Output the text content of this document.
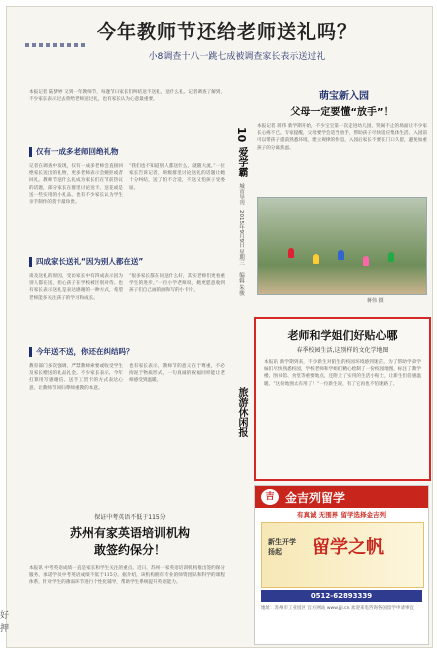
今年教师节还给老师送礼吗？
小8调查十八一跳七成被调查家长表示送过礼
本报记者 陆梦婷 又到一年教师节，每逢节日家长们纠结送不送礼，送什么礼。记者调查了解到，不少家长表示过去曾给老师送过礼，也有家长认为心意最重要。
仅有一成多老师回绝礼物
记者在调查中发现，仅有一成多老师会直接回绝家长送出的礼物，更多老师表示会婉拒或者回礼。教师节送什么礼成为家长们在节前热议的话题，部分家长在群里讨论送卡、送花或是送一些实用的小礼品，也有不少家长认为学生亲手制作的贺卡最珍贵。
“我们也不知道别人都送什么，就随大流。”一位家长告诉记者，班级群里讨论送礼的话题让她十分纠结，送了怕不合适，不送又怕孩子受委屈。
四成家长送礼“因为别人都在送”
谈及送礼的原因，受访家长中有四成表示因为别人都在送，担心孩子在学校被区别对待。也有家长表示送礼是表达感谢的一种方式，希望老师能多关注孩子的学习和成长。
“很多家长都在问送什么好，其实老师们更看重学生的进步。”一位小学老师说，她更愿意收到孩子们自己画的画和写的小卡片。
今年送不送，你还在纠结吗？
教育部门多次强调，严禁教师索要或收受学生及家长赠送的礼品礼金。不少家长表示，今年打算用写感谢信、送手工贺卡的方式表达心意，让教师节回归尊师重教的本意。
也有家长表示，教师节的意义在于尊重，不必拘泥于物质形式，一句真诚的祝福同样能让老师感受到温暖。
10 爱学霸 城市导刊 2015年9月9日 星期三 编辑 朱骏
旅游休闲报
萌宝新入园
父母一定要懂“放手”！
本报记者 蒋伟 新学期开始，不少宝宝第一次走进幼儿园，哭闹不止的场面让不少家长心疼不已。专家提醒，父母要学会适当放手，帮助孩子尽快适应集体生活。入园前可以带孩子提前熟悉环境，建立规律的作息，入园后家长不要在门口久留，避免加重孩子的分离焦虑。
蒋伟 摄
老师和学姐们好贴心哪
春季校园生活,这别样的文化学地图
本报讯 新学期到来，不少新生对陌生的校园环境感到迷茫。为了帮助学弟学妹们尽快熟悉校园，学校老师和学姐们精心绘制了一份校园地图，标注了教学楼、图书馆、食堂等重要地点，还附上了实用的生活小贴士，让新生们倍感温暖。“这份地图太有用了！”一位新生说，有了它再也不怕迷路了。
保证中考英语不低于115分
苏州有家英语培训机构
敢签约保分！
本报讯 中考英语成绩一直是家长和学生关注的重点。近日，苏州一家英语培训机构推出签约保分服务，承诺学员中考英语成绩不低于115分。据介绍，该机构拥有专业的师资团队和科学的课程体系，针对学生的薄弱环节进行个性化辅导，帮助学生系统提升英语能力。
吉 金吉列留学
有真诚 无围界 留学选择金吉列
新生开学
扬起	留学之帆
0512-62893339
地址：苏州市工业园区 官方网站 www.jjl.cn 欢迎来电咨询各国留学申请事宜
好押
